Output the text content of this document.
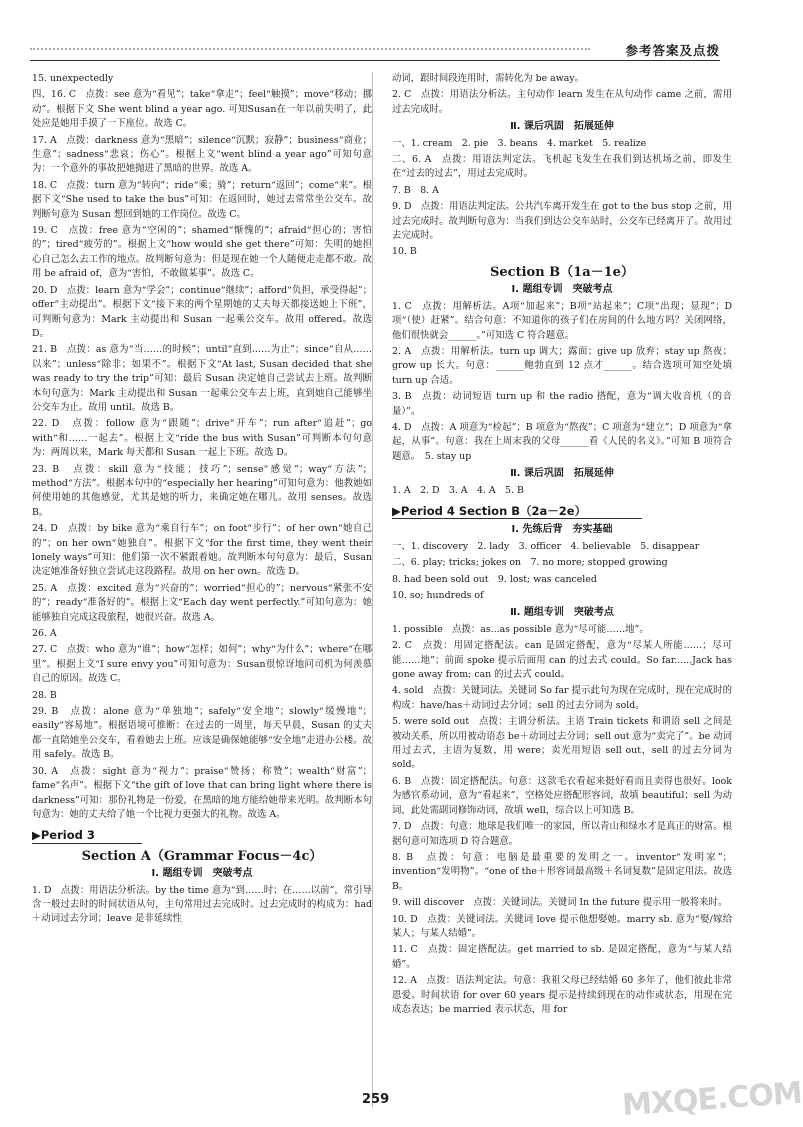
参考答案及点拨
15. unexpectedly
四、16. C　点拨：see 意为“看见”；take“拿走”；feel“触摸”；move“移动；挪动”。根据下文 She went blind a year ago. 可知Susan在一年以前失明了，此处应是她用手摸了一下座位。故选 C。
17. A　点拨：darkness 意为“黑暗”；silence“沉默；寂静”；business“商业；生意”；sadness“悲哀；伤心”。根据上文“went blind a year ago”可知句意为：一个意外的事故把她抛进了黑暗的世界。故选 A。
18. C　点拨：turn 意为“转向”；ride“乘；骑”；return“返回”；come“来”。根据下文“She used to take the bus”可知：在返回时，她过去常常坐公交车。故判断句意为 Susan 想回到她的工作岗位。故选 C。
19. C　点拨：free 意为“空闲的”；shamed“惭愧的”；afraid“担心的；害怕的”；tired“疲劳的”。根据上文“how would she get there”可知：失明的她担心自己怎么去工作的地点。故判断句意为：但是现在她一个人随便走走都不敢。故用 be afraid of，意为“害怕，不敢做某事”。故选 C。
20. D　点拨：learn 意为“学会”；continue“继续”；afford“负担，承受得起”；offer“主动提出”。根据下文“接下来的两个星期她的丈夫每天都接送她上下班”，可判断句意为：Mark 主动提出和 Susan 一起乘公交车。故用 offered。故选 D。
21. B　点拨：as 意为“当……的时候”；until“直到……为止”；since“自从……以来”；unless“除非；如果不”。根据下文“At last, Susan decided that she was ready to try the trip”可知：最后 Susan 决定她自己尝试去上班。故判断本句句意为：Mark 主动提出和 Susan 一起乘公交车去上班，直到她自己能够坐公交车为止。故用 until。故选 B。
22. D　点拨：follow 意为“跟随”；drive“开车”；run after“追赶”；go with“和……一起去”。根据上文“ride the bus with Susan”可判断本句句意为：两周以来，Mark 每天都和 Susan 一起上下班。故选 D。
23. B　点拨：skill 意为“技能；技巧”；sense“感觉”；way“方法”；method“方法”。根据本句中的“especially her hearing”可知句意为：他教她如何使用她的其他感觉，尤其是她的听力，来确定她在哪儿。故用 senses。故选 B。
24. D　点拨：by bike 意为“乘自行车”；on foot“步行”；of her own“她自己的”；on her own“她独自”。根据下文“for the first time, they went their lonely ways”可知：他们第一次不紧跟着她。故判断本句句意为：最后，Susan 决定她准备好独立尝试走这段路程。故用 on her own。故选 D。
25. A　点拨：excited 意为“兴奋的”；worried“担心的”；nervous“紧张不安的”；ready“准备好的”。根据上文“Each day went perfectly.”可知句意为：她能够独自完成这段旅程，她很兴奋。故选 A。
26. A
27. C　点拨：who 意为“谁”；how“怎样；如何”；why“为什么”；where“在哪里”。根据上文“I sure envy you”可知句意为：Susan很惊讶地问司机为何羡慕自己的原因。故选 C。
28. B
29. B　点拨：alone 意为“单独地”；safely“安全地”；slowly“缓慢地”；easily“容易地”。根据语境可推断：在过去的一周里，每天早晨，Susan 的丈夫都一直陪她坐公交车，看着她去上班。应该是确保她能够“安全地”走进办公楼。故用 safely。故选 B。
30. A　点拨：sight 意为“视力”；praise“赞扬；称赞”；wealth“财富”；fame“名声”。根据下文“the gift of love that can bring light where there is darkness”可知：那份礼物是一份爱，在黑暗的地方能给她带来光明。故判断本句句意为：她的丈夫给了她一个比视力更强大的礼物。故选 A。
▶Period 3
Section A（Grammar Focus－4c）
Ⅰ. 题组专训　突破考点
1. D　点拨：用语法分析法。by the time 意为“到……时；在……以前”，常引导含一般过去时的时间状语从句，主句常用过去完成时。过去完成时的构成为：had＋动词过去分词；leave 是非延续性
动词，跟时间段连用时，需转化为 be away。
2. C　点拨：用语法分析法。主句动作 learn 发生在从句动作 came 之前，需用过去完成时。
Ⅱ. 课后巩固　拓展延伸
一、1. cream　2. pie　3. beans　4. market　5. realize
二、6. A　点拨：用语法判定法。飞机起飞发生在我们到达机场之前，即发生在“过去的过去”，用过去完成时。
7. B　8. A
9. D　点拨：用语法判定法。公共汽车离开发生在 got to the bus stop 之前，用过去完成时。故判断句意为：当我们到达公交车站时，公交车已经离开了。故用过去完成时。
10. B
Section B（1a－1e）
Ⅰ. 题组专训　突破考点
1. C　点拨：用解析法。A项“加起来”；B项“站起来”；C项“出现；显现”；D项“（使）赶紧”。结合句意：不知道你的孩子们在房间的什么地方吗？关闭网络，他们很快就会______。”可知选 C 符合题意。
2. A　点拨：用解析法。turn up 调大；露面；give up 放弃；stay up 熬夜；grow up 长大。句意：______鲍勃直到 12 点才______。结合选项可知空处填 turn up 合适。
3. B　点拨：动词短语 turn up 和 the radio 搭配，意为“调大收音机（的音量）”。
4. D　点拨：A 项意为“检起”；B 项意为“熬夜”；C 项意为“建立”；D 项意为“拿起，从事”。句意：我在上周末我的父母______看《人民的名义》。”可知 B 项符合题意。　5. stay up
Ⅱ. 课后巩固　拓展延伸
1. A　2. D　3. A　4. A　5. B
▶Period 4 Section B（2a－2e）
Ⅰ. 先练后背　夯实基础
一、1. discovery　2. lady　3. officer　4. believable　5. disappear
二、6. play; tricks; jokes on　7. no more; stopped growing
8. had been sold out　9. lost; was canceled
10. so; hundreds of
Ⅱ. 题组专训　突破考点
1. possible　点拨：as...as possible 意为“尽可能……地”。
2. C　点拨：用固定搭配法。can 是固定搭配，意为“尽某人所能……；尽可能……地”；前面 spoke 提示后面用 can 的过去式 could。So far......Jack has gone away from; can 的过去式 could。
4. sold　点拨：关键词法。关键词 So far 提示此句为现在完成时，现在完成时的构成：have/has＋动词过去分词；sell 的过去分词为 sold。
5. were sold out　点拨：主谓分析法。主语 Train tickets 和谓语 sell 之间是被动关系，所以用被动语态 be＋动词过去分词；sell out 意为“卖完了”。be 动词用过去式，主语为复数，用 were；卖光用短语 sell out，sell 的过去分词为 sold。
6. B　点拨：固定搭配法。句意：这款毛衣看起来挺好看而且卖得也很好。look 为感官系动词，意为“看起来”，空格处应搭配形容词，故填 beautiful；sell 为动词，此处需副词修饰动词，故填 well，综合以上可知选 B。
7. D　点拨：句意：地球是我们唯一的家园，所以青山和绿水才是真正的财富。根据句意可知选项 D 符合题意。
8. B　点拨：句意：电脑是最重要的发明之一。inventor“发明家”；invention“发明物”。“one of the＋形容词最高级＋名词复数”是固定用法。故选 B。
9. will discover　点拨：关键词法。关键词 In the future 提示用一般将来时。
10. D　点拨：关键词法。关键词 love 提示他想娶她。marry sb. 意为“娶/嫁给某人；与某人结婚”。
11. C　点拨：固定搭配法。get married to sb. 是固定搭配，意为“与某人结婚”。
12. A　点拨：语法判定法。句意：我祖父母已经结婚 60 多年了，他们彼此非常恩爱。时间状语 for over 60 years 提示是持续到现在的动作或状态，用现在完成态表达；be married 表示状态，用 for
259	MXQE.COM
